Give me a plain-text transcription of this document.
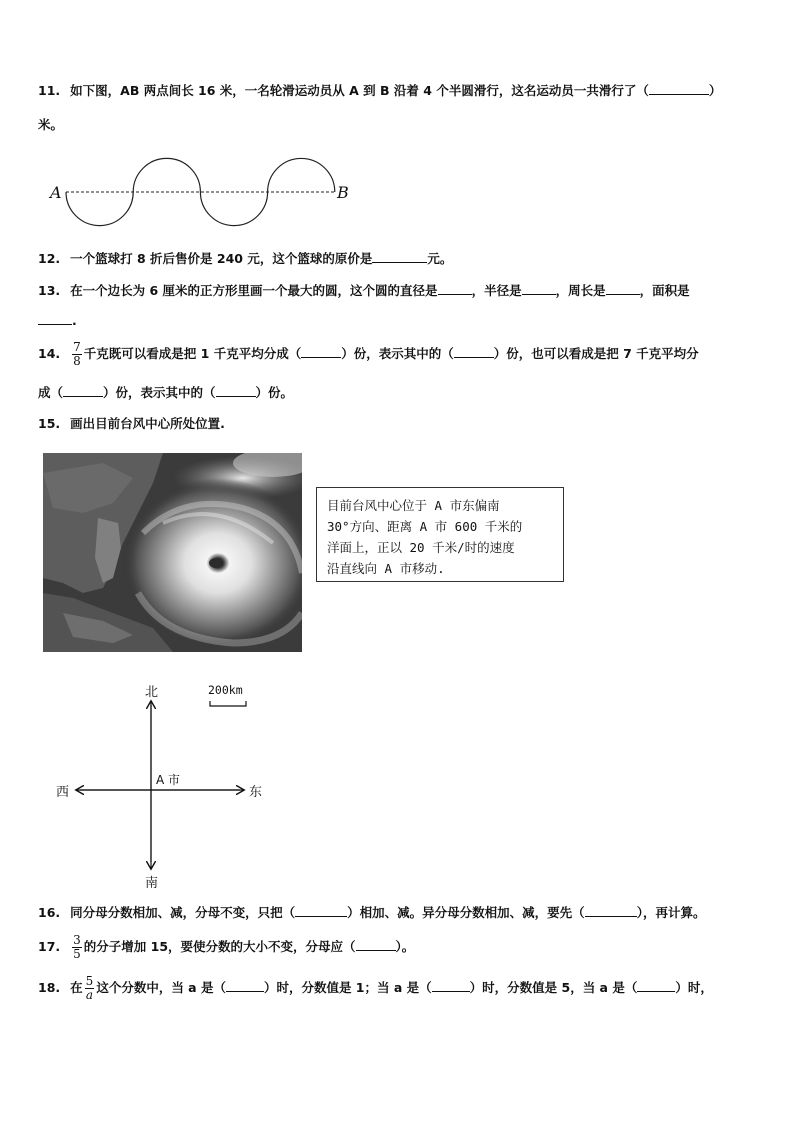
11. 如下图，AB 两点间长 16 米，一名轮滑运动员从 A 到 B 沿着 4 个半圆滑行，这名运动员一共滑行了（	）
米。
A	B
12. 一个篮球打 8 折后售价是 240 元，这个篮球的原价是	元。
13. 在一个边长为 6 厘米的正方形里画一个最大的圆，这个圆的直径是	，半径是	，周长是	，面积是
.
14. $\frac{7}{8}$ 千克既可以看成是把 1 千克平均分成（	）份，表示其中的（	）份，也可以看成是把 7 千克平均分
成（	）份，表示其中的（	）份。
15. 画出目前台风中心所处位置.
目前台风中心位于 A 市东偏南
30°方向、距离 A 市 600 千米的
洋面上，正以 20 千米/时的速度
沿直线向 A 市移动.
北
南
东
西
A 市
200km
16. 同分母分数相加、减，分母不变，只把（	）相加、减。异分母分数相加、减，要先（	），再计算。
17. $\frac{3}{5}$ 的分子增加 15，要使分数的大小不变，分母应（	）。
18. 在 $\frac{5}{a}$ 这个分数中，当 a 是（	）时，分数值是 1；当 a 是（	）时，分数值是 5，当 a 是（	）时，
